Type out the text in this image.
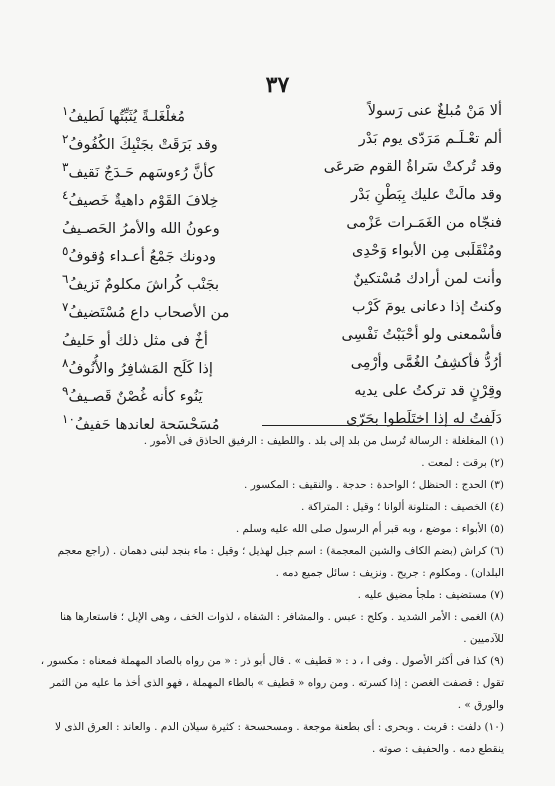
٣٧
ألا مَنْ مُبلغٌ عنى رَسولاً
مُغلْغَلـةً يُثَبِّتُها لَطيفُ$^١$
ألم تعْـلَـم مَرَدّى يوم بَدْر
وقد بَرَقَتْ بجَنْبِكَ الكُفُوفُ$^٢$
وقد تُركتْ سَراةُ القوم صَرعَى
كأنَّ رُءوسَهم حَـدَجٌ نَقيف$^٣$
وقد مالَتْ عليك بِبَطْنِ بَدْر
خِلافَ القَوْم داهيةٌ خَصيفُ$^٤$
فنجّاه من الغَمَـرات عَزْمى
وعونُ الله والأمرُ الحَصـيفُ
ومُنْقَلَبى مِن الأبواء وَحْدِى
ودونك جَمْعُ أعـداء وُقوفُ$^٥$
وأنت لمن أرادك مُسْتكينٌ
بجَنْب كُراشَ مكلومٌ نَزيفُ$^٦$
وكنتُ إذا دعانى يومَ كَرْب
من الأصحاب داعٍ مُسْتَضيفُ$^٧$
فأسْمعنى ولو أحْبَبْتُ نَفْسِى
أخٌ فى مثل ذلك أو حَليفُ
أرُدُّ فأكشِفُ الغُمَّى وأرْمِى
إذا كَلَح المَشافِرُ والأُنُوفُ$^٨$
وقِرْنٍ قد تركتُ على يديه
يَنُوء كأنه غُصْنٌ قَصـيفُ$^٩$
دَلَفتُ له إذا اختَلَطوا بحَرّى
مُسَحْسَحة لعاندها حَفيفُ$^{١٠}$

(١) المغلغلة : الرسالة تُرسل من بلد إلى بلد . واللطيف : الرفيق الحاذق فى الأمور .

(٢) برقت : لمعت .

(٣) الحدج : الحنظل ؛ الواحدة : حدجة . والنقيف : المكسور .

(٤) الخصيف : المتلونة ألوانا ؛ وقيل : المتراكة .

(٥) الأبواء : موضع ، وبه قبر أم الرسول صلى الله عليه وسلم .

(٦) كراش (بضم الكاف والشين المعجمة) : اسم جبل لهذيل ؛ وقيل : ماء بنجد لبنى دهمان . (راجع معجم البلدان) . ومكلوم : جريح . ونزيف : سائل جميع دمه .

(٧) مستضيف : ملجأ مضيق عليه .

(٨) الغمى : الأمر الشديد . وكلح : عبس . والمشافر : الشفاه ، لذوات الخف ، وهى الإبل ؛ فاستعارها هنا للآدميين .

(٩) كذا فى أكثر الأصول . وفى ا ، د : « قطيف » . قال أبو ذر : « من رواه بالصاد المهملة فمعناه : مكسور ، تقول : قصفت الغصن : إذا كسرته . ومن رواه « قطيف » بالطاء المهملة ، فهو الذى أخذ ما عليه من الثمر والورق » .

(١٠) دلفت : قربت . وبحرى : أى بطعنة موجعة . ومسحسحة : كثيرة سيلان الدم . والعاند : العرق الذى لا ينقطع دمه . والحفيف : صوته .
